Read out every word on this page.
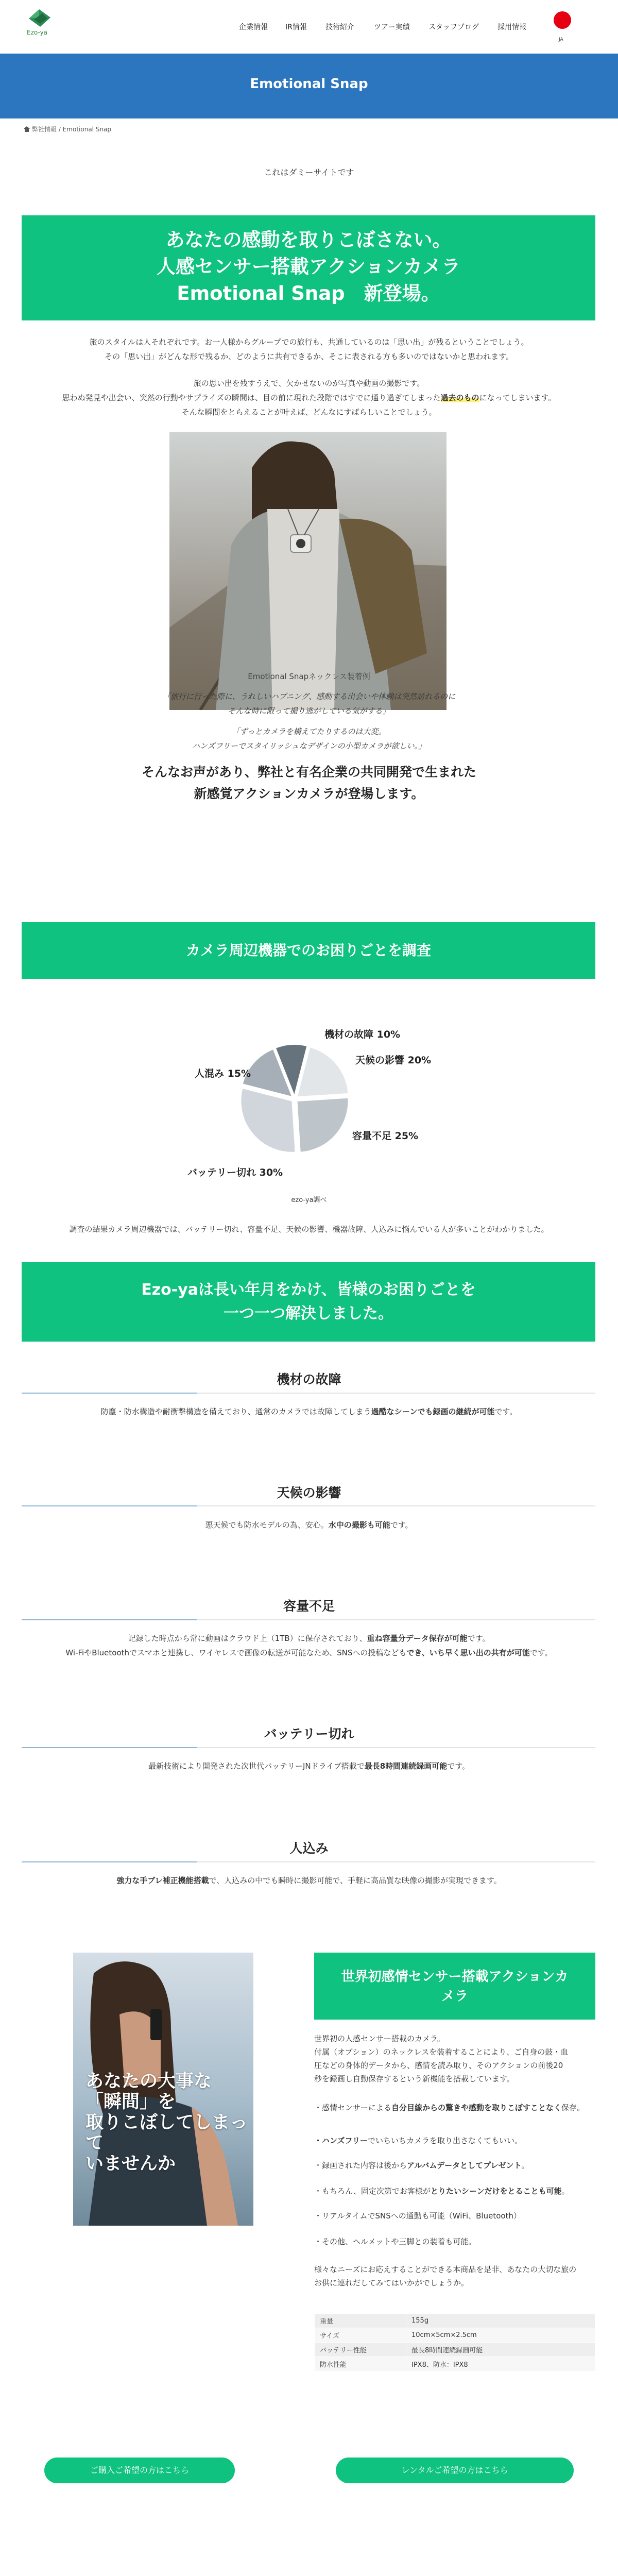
Ezo-ya
企業情報 IR情報	技術紹介	ツアー実績	スタッフブログ	採用情報
JA
Emotional Snap
弊社情報 / Emotional Snap
これはダミーサイトです
あなたの感動を取りこぼさない。
人感センサー搭載アクションカメラ
Emotional Snap　新登場。
旅のスタイルは人それぞれです。お一人様からグループでの旅行も、共通しているのは「思い出」が残るということでしょう。
その「思い出」がどんな形で残るか、どのように共有できるか、そこに表される方も多いのではないかと思われます。
旅の思い出を残すうえで、欠かせないのが写真や動画の撮影です。
思わぬ発見や出会い、突然の行動やサプライズの瞬間は、目の前に現れた段階ではすでに通り過ぎてしまった過去のものになってしまいます。
そんな瞬間をとらえることが叶えば、どんなにすばらしいことでしょう。
Emotional Snapネックレス装着例
「旅行に行った際に、うれしいハプニング、感動する出会いや体験は突然訪れるのに
そんな時に限って撮り逃がしている気がする」
「ずっとカメラを構えてたりするのは大変。
ハンズフリーでスタイリッシュなデザインの小型カメラが欲しい。」
そんなお声があり、弊社と有名企業の共同開発で生まれた
新感覚アクションカメラが登場します。
カメラ周辺機器でのお困りごとを調査
機材の故障 10%
天候の影響 20%
容量不足 25%
バッテリー切れ 30%
人混み 15%
ezo-ya調べ
調査の結果カメラ周辺機器では、バッテリー切れ、容量不足、天候の影響、機器故障、人込みに悩んでいる人が多いことがわかりました。
Ezo-yaは長い年月をかけ、皆様のお困りごとを
一つ一つ解決しました。
機材の故障
防塵・防水構造や耐衝撃構造を備えており、通常のカメラでは故障してしまう過酷なシーンでも録画の継続が可能です。
天候の影響
悪天候でも防水モデルの為、安心。水中の撮影も可能です。
容量不足
記録した時点から常に動画はクラウド上（1TB）に保存されており、重ね容量分データ保存が可能です。
Wi-FiやBluetoothでスマホと連携し、ワイヤレスで画像の転送が可能なため、SNSへの投稿などもでき、いち早く思い出の共有が可能です。
バッテリー切れ
最新技術により開発された次世代バッテリーJNドライブ搭載で最長8時間連続録画可能です。
人込み
強力な手ブレ補正機能搭載で、人込みの中でも瞬時に撮影可能で、手軽に高品質な映像の撮影が実現できます。
あなたの大事な
「瞬間」を
取りこぼしてしまって
いませんか
世界初感情センサー搭載アクションカ
メラ
世界初の人感センサー搭載のカメラ。
付属（オプション）のネックレスを装着することにより、ご自身の鼓・血
圧などの身体的データから、感情を読み取り、そのアクションの前後20
秒を録画し自動保存するという新機能を搭載しています。
・感情センサーによる自分目線からの驚きや感動を取りこぼすことなく保存。
・ハンズフリーでいちいちカメラを取り出さなくてもいい。
・録画された内容は後からアルバムデータとしてプレゼント。
・もちろん、固定次第でお客様がとりたいシーンだけをとることも可能。
・リアルタイムでSNSへの通動も可能（WiFi、Bluetooth）
・その他、ヘルメットや三脚との装着も可能。
様々なニーズにお応えすることができる本商品を是非、あなたの大切な旅の
お供に連れだしてみてはいかがでしょうか。
重量	155g
サイズ	10cm×5cm×2.5cm
バッテリー性能	最長8時間連続録画可能
防水性能	IPX8、防水：IPX8
ご購入ご希望の方はこちら	レンタルご希望の方はこちら
